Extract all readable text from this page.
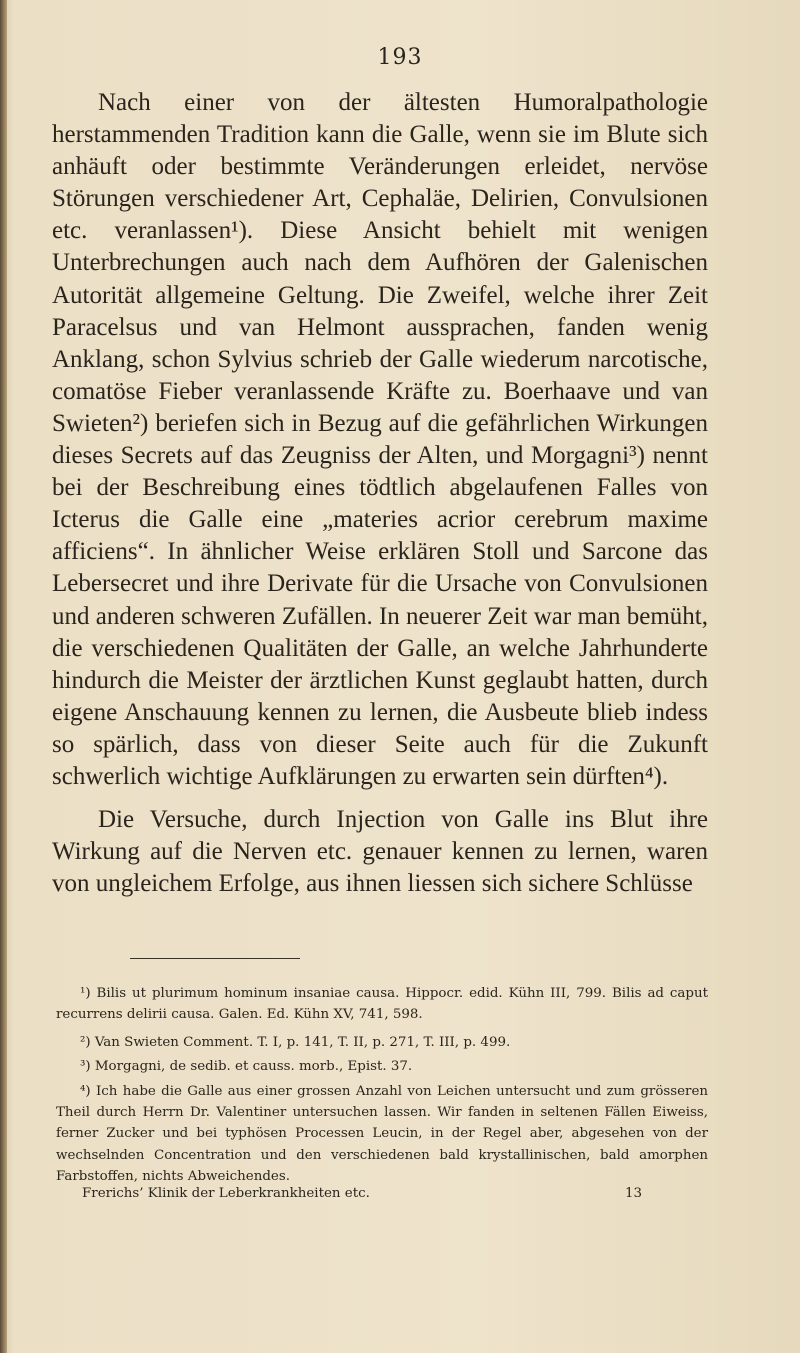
193

Nach einer von der ältesten Humoralpathologie herstammenden Tradition kann die Galle, wenn sie im Blute sich anhäuft oder bestimmte Veränderungen erleidet, nervöse Störungen verschiedener Art, Cephaläe, Delirien, Convulsionen etc. veranlassen¹). Diese Ansicht behielt mit wenigen Unterbrechungen auch nach dem Aufhören der Galenischen Autorität allgemeine Geltung. Die Zweifel, welche ihrer Zeit Paracelsus und van Helmont aussprachen, fanden wenig Anklang, schon Sylvius schrieb der Galle wiederum narcotische, comatöse Fieber veranlassende Kräfte zu. Boerhaave und van Swieten²) beriefen sich in Bezug auf die gefährlichen Wirkungen dieses Secrets auf das Zeugniss der Alten, und Morgagni³) nennt bei der Beschreibung eines tödtlich abgelaufenen Falles von Icterus die Galle eine „materies acrior cerebrum maxime afficiens“. In ähnlicher Weise erklären Stoll und Sarcone das Lebersecret und ihre Derivate für die Ursache von Convulsionen und anderen schweren Zufällen. In neuerer Zeit war man bemüht, die verschiedenen Qualitäten der Galle, an welche Jahrhunderte hindurch die Meister der ärztlichen Kunst geglaubt hatten, durch eigene Anschauung kennen zu lernen, die Ausbeute blieb indess so spärlich, dass von dieser Seite auch für die Zukunft schwerlich wichtige Aufklärungen zu erwarten sein dürften⁴).

Die Versuche, durch Injection von Galle ins Blut ihre Wirkung auf die Nerven etc. genauer kennen zu lernen, waren von ungleichem Erfolge, aus ihnen liessen sich sichere Schlüsse

¹) Bilis ut plurimum hominum insaniae causa. Hippocr. edid. Kühn III, 799. Bilis ad caput recurrens delirii causa. Galen. Ed. Kühn XV, 741, 598.

²) Van Swieten Comment. T. I, p. 141, T. II, p. 271, T. III, p. 499.

³) Morgagni, de sedib. et causs. morb., Epist. 37.

⁴) Ich habe die Galle aus einer grossen Anzahl von Leichen untersucht und zum grösseren Theil durch Herrn Dr. Valentiner untersuchen lassen. Wir fanden in seltenen Fällen Eiweiss, ferner Zucker und bei typhösen Processen Leucin, in der Regel aber, abgesehen von der wechselnden Concentration und den verschiedenen bald krystallinischen, bald amorphen Farbstoffen, nichts Abweichendes.

Frerichs’ Klinik der Leberkrankheiten etc.	13
